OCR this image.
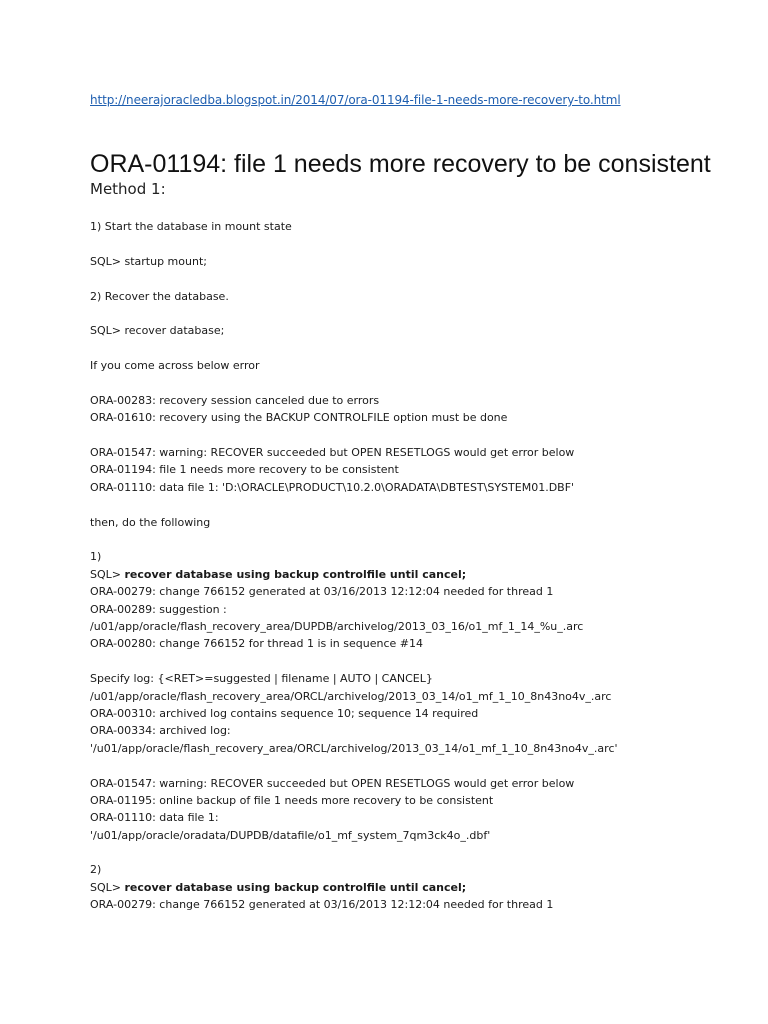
http://neerajoracledba.blogspot.in/2014/07/ora-01194-file-1-needs-more-recovery-to.html
ORA-01194: file 1 needs more recovery to be consistent
Method 1:
1) Start the database in mount state
SQL> startup mount;
2) Recover the database.
SQL> recover database;
If you come across below error
ORA-00283: recovery session canceled due to errors
ORA-01610: recovery using the BACKUP CONTROLFILE option must be done
ORA-01547: warning: RECOVER succeeded but OPEN RESETLOGS would get error below
ORA-01194: file 1 needs more recovery to be consistent
ORA-01110: data file 1: 'D:\ORACLE\PRODUCT\10.2.0\ORADATA\DBTEST\SYSTEM01.DBF'
then, do the following
1)
SQL> recover database using backup controlfile until cancel;
ORA-00279: change 766152 generated at 03/16/2013 12:12:04 needed for thread 1
ORA-00289: suggestion :
/u01/app/oracle/flash_recovery_area/DUPDB/archivelog/2013_03_16/o1_mf_1_14_%u_.arc
ORA-00280: change 766152 for thread 1 is in sequence #14
Specify log: {<RET>=suggested | filename | AUTO | CANCEL}
/u01/app/oracle/flash_recovery_area/ORCL/archivelog/2013_03_14/o1_mf_1_10_8n43no4v_.arc
ORA-00310: archived log contains sequence 10; sequence 14 required
ORA-00334: archived log:
'/u01/app/oracle/flash_recovery_area/ORCL/archivelog/2013_03_14/o1_mf_1_10_8n43no4v_.arc'
ORA-01547: warning: RECOVER succeeded but OPEN RESETLOGS would get error below
ORA-01195: online backup of file 1 needs more recovery to be consistent
ORA-01110: data file 1:
'/u01/app/oracle/oradata/DUPDB/datafile/o1_mf_system_7qm3ck4o_.dbf'
2)
SQL> recover database using backup controlfile until cancel;
ORA-00279: change 766152 generated at 03/16/2013 12:12:04 needed for thread 1
